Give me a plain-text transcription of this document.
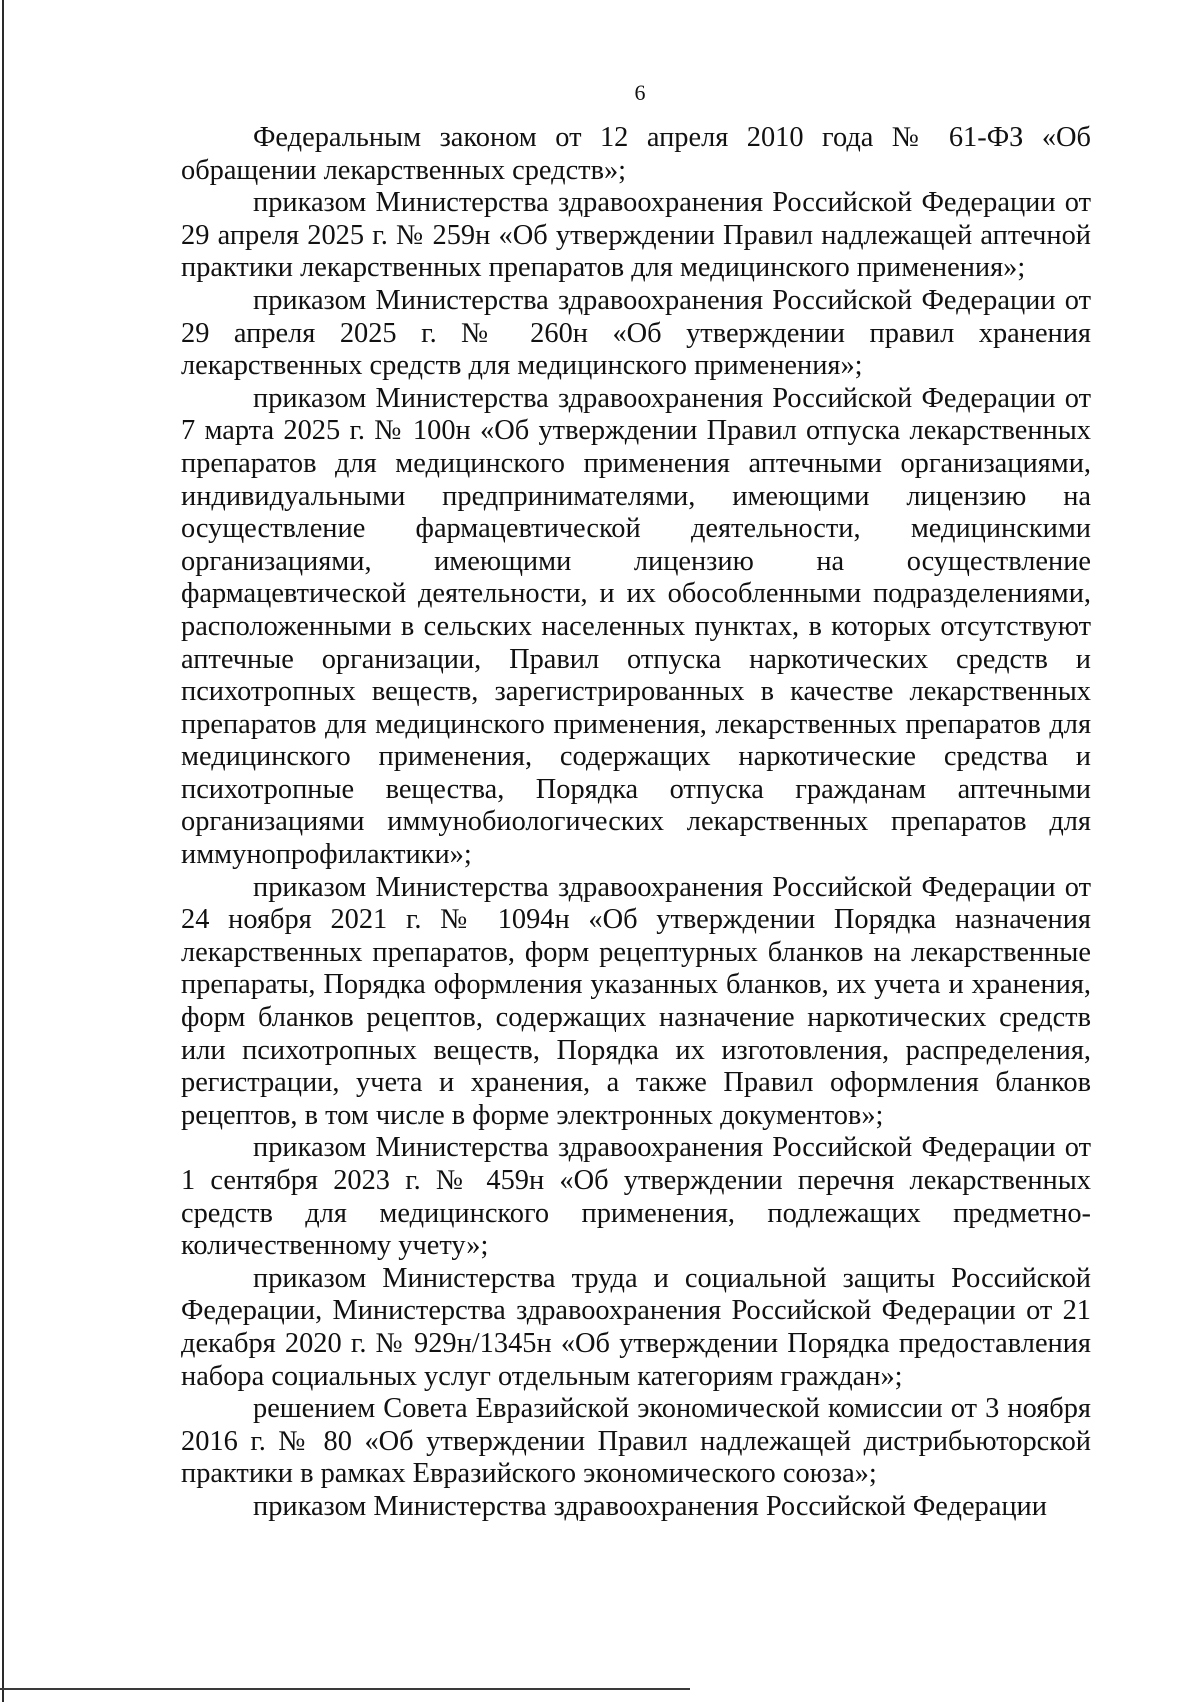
6

Федеральным законом от 12 апреля 2010 года № 61-ФЗ «Об обращении лекарственных средств»;

приказом Министерства здравоохранения Российской Федерации от 29 апреля 2025 г. № 259н «Об утверждении Правил надлежащей аптечной практики лекарственных препаратов для медицинского применения»;

приказом Министерства здравоохранения Российской Федерации от 29 апреля 2025 г. № 260н «Об утверждении правил хранения лекарственных средств для медицинского применения»;

приказом Министерства здравоохранения Российской Федерации от 7 марта 2025 г. № 100н «Об утверждении Правил отпуска лекарственных препаратов для медицинского применения аптечными организациями, индивидуальными предпринимателями, имеющими лицензию на осуществление фармацевтической деятельности, медицинскими организациями, имеющими лицензию на осуществление фармацевтической деятельности, и их обособленными подразделениями, расположенными в сельских населенных пунктах, в которых отсутствуют аптечные организации, Правил отпуска наркотических средств и психотропных веществ, зарегистрированных в качестве лекарственных препаратов для медицинского применения, лекарственных препаратов для медицинского применения, содержащих наркотические средства и психотропные вещества, Порядка отпуска гражданам аптечными организациями иммунобиологических лекарственных препаратов для иммунопрофилактики»;

приказом Министерства здравоохранения Российской Федерации от 24 ноября 2021 г. № 1094н «Об утверждении Порядка назначения лекарственных препаратов, форм рецептурных бланков на лекарственные препараты, Порядка оформления указанных бланков, их учета и хранения, форм бланков рецептов, содержащих назначение наркотических средств или психотропных веществ, Порядка их изготовления, распределения, регистрации, учета и хранения, а также Правил оформления бланков рецептов, в том числе в форме электронных документов»;

приказом Министерства здравоохранения Российской Федерации от 1 сентября 2023 г. № 459н «Об утверждении перечня лекарственных средств для медицинского применения, подлежащих предметно-количественному учету»;

приказом Министерства труда и социальной защиты Российской Федерации, Министерства здравоохранения Российской Федерации от 21 декабря 2020 г. № 929н/1345н «Об утверждении Порядка предоставления набора социальных услуг отдельным категориям граждан»;

решением Совета Евразийской экономической комиссии от 3 ноября 2016 г. № 80 «Об утверждении Правил надлежащей дистрибьюторской практики в рамках Евразийского экономического союза»;

приказом Министерства здравоохранения Российской Федерации
